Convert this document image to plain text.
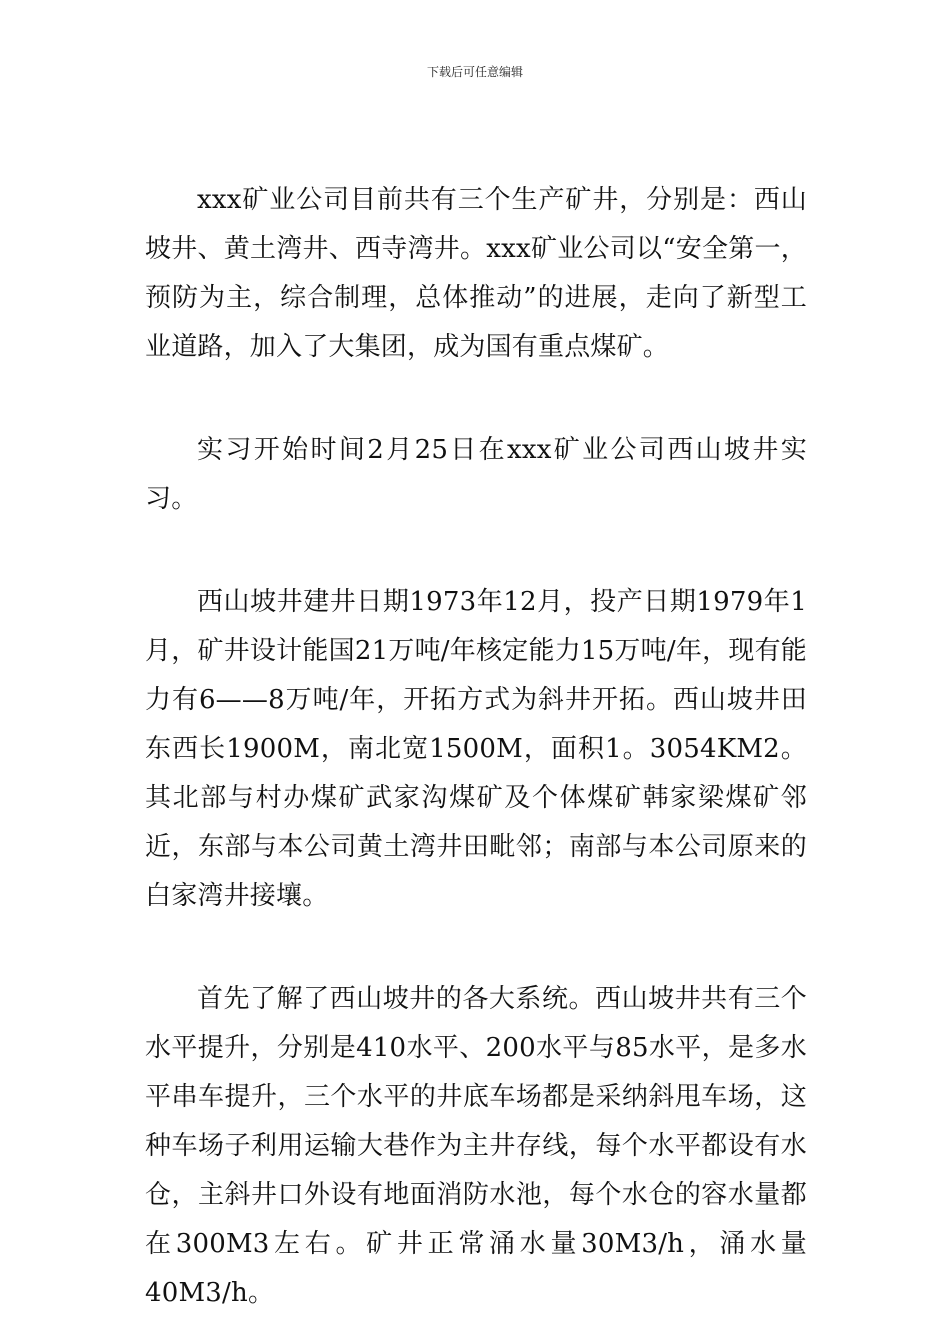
下载后可任意编辑

xxx矿业公司目前共有三个生产矿井，分别是：西山坡井、黄土湾井、西寺湾井。xxx矿业公司以“安全第一，预防为主，综合制理，总体推动”的进展，走向了新型工业道路，加入了大集团，成为国有重点煤矿。

实习开始时间2月25日在xxx矿业公司西山坡井实习。

西山坡井建井日期1973年12月，投产日期1979年1月，矿井设计能国21万吨/年核定能力15万吨/年，现有能力有6——8万吨/年，开拓方式为斜井开拓。西山坡井田东西长1900M，南北宽1500M，面积1。3054KM2。其北部与村办煤矿武家沟煤矿及个体煤矿韩家梁煤矿邻近，东部与本公司黄土湾井田毗邻；南部与本公司原来的白家湾井接壤。

首先了解了西山坡井的各大系统。西山坡井共有三个水平提升，分别是410水平、200水平与85水平，是多水平串车提升，三个水平的井底车场都是采纳斜甩车场，这种车场子利用运输大巷作为主井存线，每个水平都设有水仓，主斜井口外设有地面消防水池，每个水仓的容水量都在300M3左右。矿井正常涌水量30M3/h，涌水量40M3/h。
